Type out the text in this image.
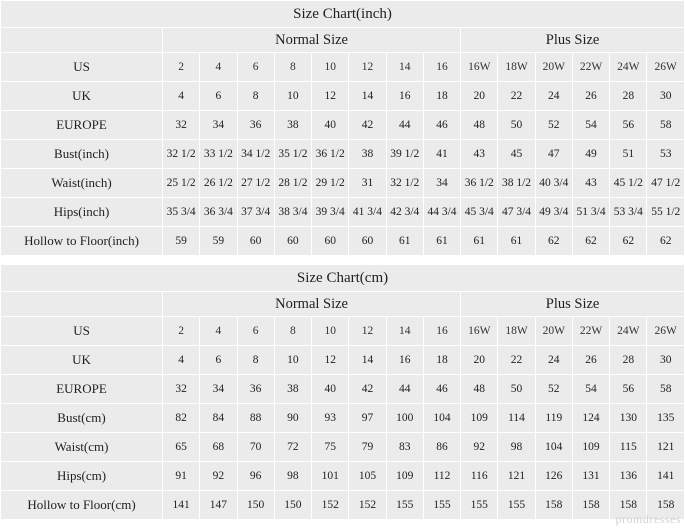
Size Chart(inch)														
	Normal Size								Plus Size					
US	2	4	6	8	10	12	14	16	16W	18W	20W	22W	24W	26W
UK	4	6	8	10	12	14	16	18	20	22	24	26	28	30
EUROPE	32	34	36	38	40	42	44	46	48	50	52	54	56	58
Bust(inch)	32 1/2	33 1/2	34 1/2	35 1/2	36 1/2	38	39 1/2	41	43	45	47	49	51	53
Waist(inch)	25 1/2	26 1/2	27 1/2	28 1/2	29 1/2	31	32 1/2	34	36 1/2	38 1/2	40 3/4	43	45 1/2	47 1/2
Hips(inch)	35 3/4	36 3/4	37 3/4	38 3/4	39 3/4	41 3/4	42 3/4	44 3/4	45 3/4	47 3/4	49 3/4	51 3/4	53 3/4	55 1/2
Hollow to Floor(inch)	59	59	60	60	60	60	61	61	61	61	62	62	62	62
Size Chart(cm)														
	Normal Size								Plus Size					
US	2	4	6	8	10	12	14	16	16W	18W	20W	22W	24W	26W
UK	4	6	8	10	12	14	16	18	20	22	24	26	28	30
EUROPE	32	34	36	38	40	42	44	46	48	50	52	54	56	58
Bust(cm)	82	84	88	90	93	97	100	104	109	114	119	124	130	135
Waist(cm)	65	68	70	72	75	79	83	86	92	98	104	109	115	121
Hips(cm)	91	92	96	98	101	105	109	112	116	121	126	131	136	141
Hollow to Floor(cm)	141	147	150	150	152	152	155	155	155	155	158	158	158	158
promdresses
